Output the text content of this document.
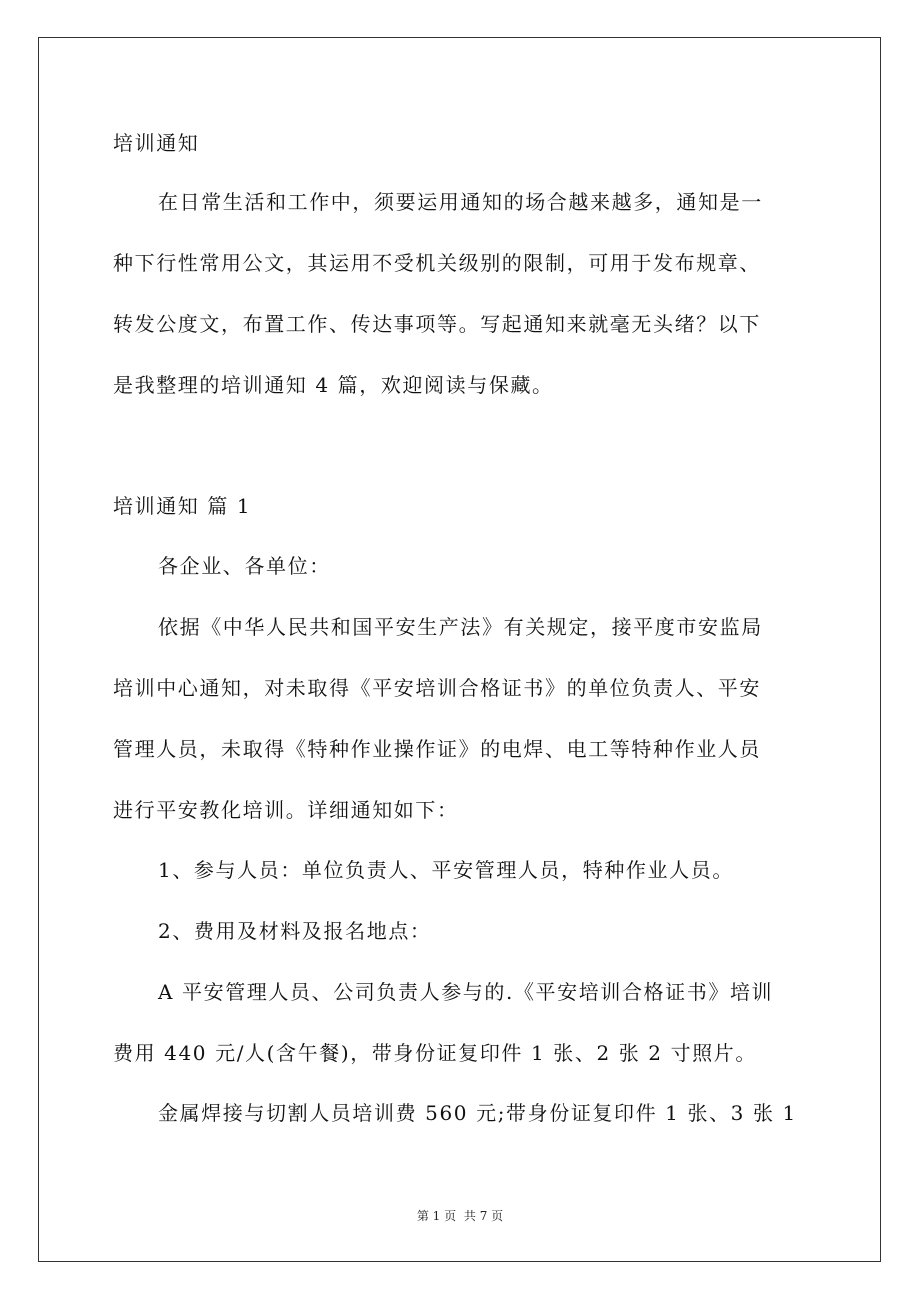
培训通知
在日常生活和工作中，须要运用通知的场合越来越多，通知是一
种下行性常用公文，其运用不受机关级别的限制，可用于发布规章、
转发公度文，布置工作、传达事项等。写起通知来就毫无头绪？以下
是我整理的培训通知 4 篇，欢迎阅读与保藏。
培训通知 篇 1
各企业、各单位：
依据《中华人民共和国平安生产法》有关规定，接平度市安监局
培训中心通知，对未取得《平安培训合格证书》的单位负责人、平安
管理人员，未取得《特种作业操作证》的电焊、电工等特种作业人员
进行平安教化培训。详细通知如下：
1、参与人员：单位负责人、平安管理人员，特种作业人员。
2、费用及材料及报名地点：
A 平安管理人员、公司负责人参与的.《平安培训合格证书》培训
费用 440 元/人(含午餐)，带身份证复印件 1 张、2 张 2 寸照片。
金属焊接与切割人员培训费 560 元;带身份证复印件 1 张、3 张 1
第 1 页 共 7 页
